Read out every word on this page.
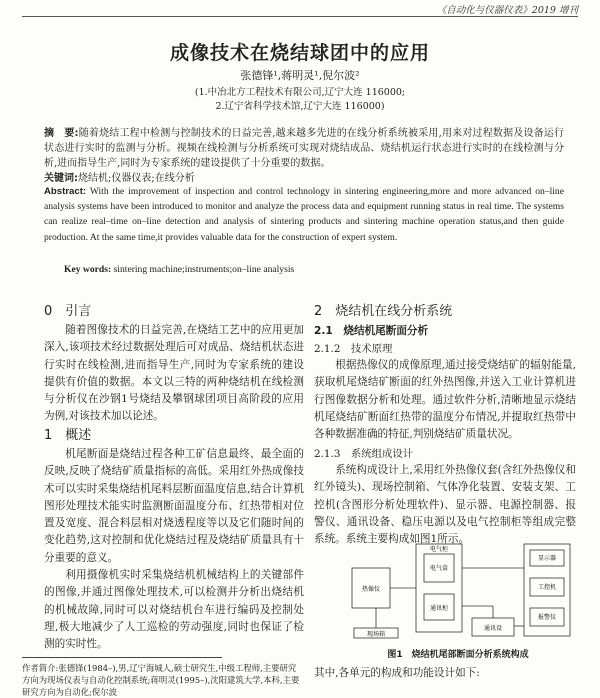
《自动化与仪器仪表》2019 增刊
成像技术在烧结球团中的应用
张德锋¹,蒋明灵¹,倪尔波²
(1.中冶北方工程技术有限公司,辽宁大连 116000;
2.辽宁省科学技术馆,辽宁大连 116000)
摘　要:随着烧结工程中检测与控制技术的日益完善,越来越多先进的在线分析系统被采用,用来对过程数据及设备运行状态进行实时的监测与分析。视频在线检测与分析系统可实现对烧结成品、烧结机运行状态进行实时的在线检测与分析,进而指导生产,同时为专家系统的建设提供了十分重要的数据。
关键词:烧结机;仪器仪表;在线分析
Abstract: With the improvement of inspection and control technology in sintering engineering,more and more advanced on–line analysis systems have been introduced to monitor and analyze the process data and equipment running status in real time. The systems can realize real–time on–line detection and analysis of sintering products and sintering machine operation status,and then guide production. At the same time,it provides valuable data for the construction of expert system.
Key words: sintering machine;instruments;on–line analysis
0　引言

随着图像技术的日益完善,在烧结工艺中的应用更加深入,该项技术经过数据处理后可对成品、烧结机状态进行实时在线检测,进而指导生产,同时为专家系统的建设提供有价值的数据。本文以三特的两种烧结机在线检测与分析仪在沙钢1号烧结及攀钢球团项目高阶段的应用为例,对该技术加以论述。

1　概述

机尾断面是烧结过程各种工矿信息最终、最全面的反映,反映了烧结矿质量指标的高低。采用红外热成像技术可以实时采集烧结机尾料层断面温度信息,结合计算机图形处理技术能实时监测断面温度分布、红热带相对位置及宽度、混合料层相对烧透程度等以及它们随时间的变化趋势,这对控制和优化烧结过程及烧结矿质量具有十分重要的意义。

利用摄像机实时采集烧结机机械结构上的关键部件的图像,并通过图像处理技术,可以检测并分析出烧结机的机械故障,同时可以对烧结机台车进行编码及控制处理,极大地减少了人工巡检的劳动强度,同时也保证了检测的实时性。

2　烧结机在线分析系统
2.1　烧结机尾断面分析
2.1.2　技术原理

根据热像仪的成像原理,通过接受烧结矿的辐射能量,获取机尾烧结矿断面的红外热图像,并送入工业计算机进行图像数据分析和处理。通过软件分析,清晰地显示烧结机尾烧结矿断面红热带的温度分布情况,并提取红热带中各种数据准确的特征,判别烧结矿质量状况。

2.1.3　系统组成设计

系统构成设计上,采用红外热像仪套(含红外热像仪和红外镜头)、现场控制箱、气体净化装置、安装支架、工控机(含图形分析处理软件)、显示器、电源控制器、报警仪、通讯设备、稳压电源以及电气控制柜等组成完整系统。系统主要构成如图1所示。

热像仪
电气柜
电气盒
通讯柜
显示器
工控机
报警仪
现场箱
通讯设
图1　烧结机尾部断面分析系统构成
其中,各单元的构成和功能设计如下:
作者简介:张德锋(1984–),男,辽宁海城人,硕士研究生,中级工程师,主要研究方向为现场仪表与自动化控制系统;蒋明灵(1995–),沈阳建筑大学,本科,主要研究方向为自动化;倪尔波
